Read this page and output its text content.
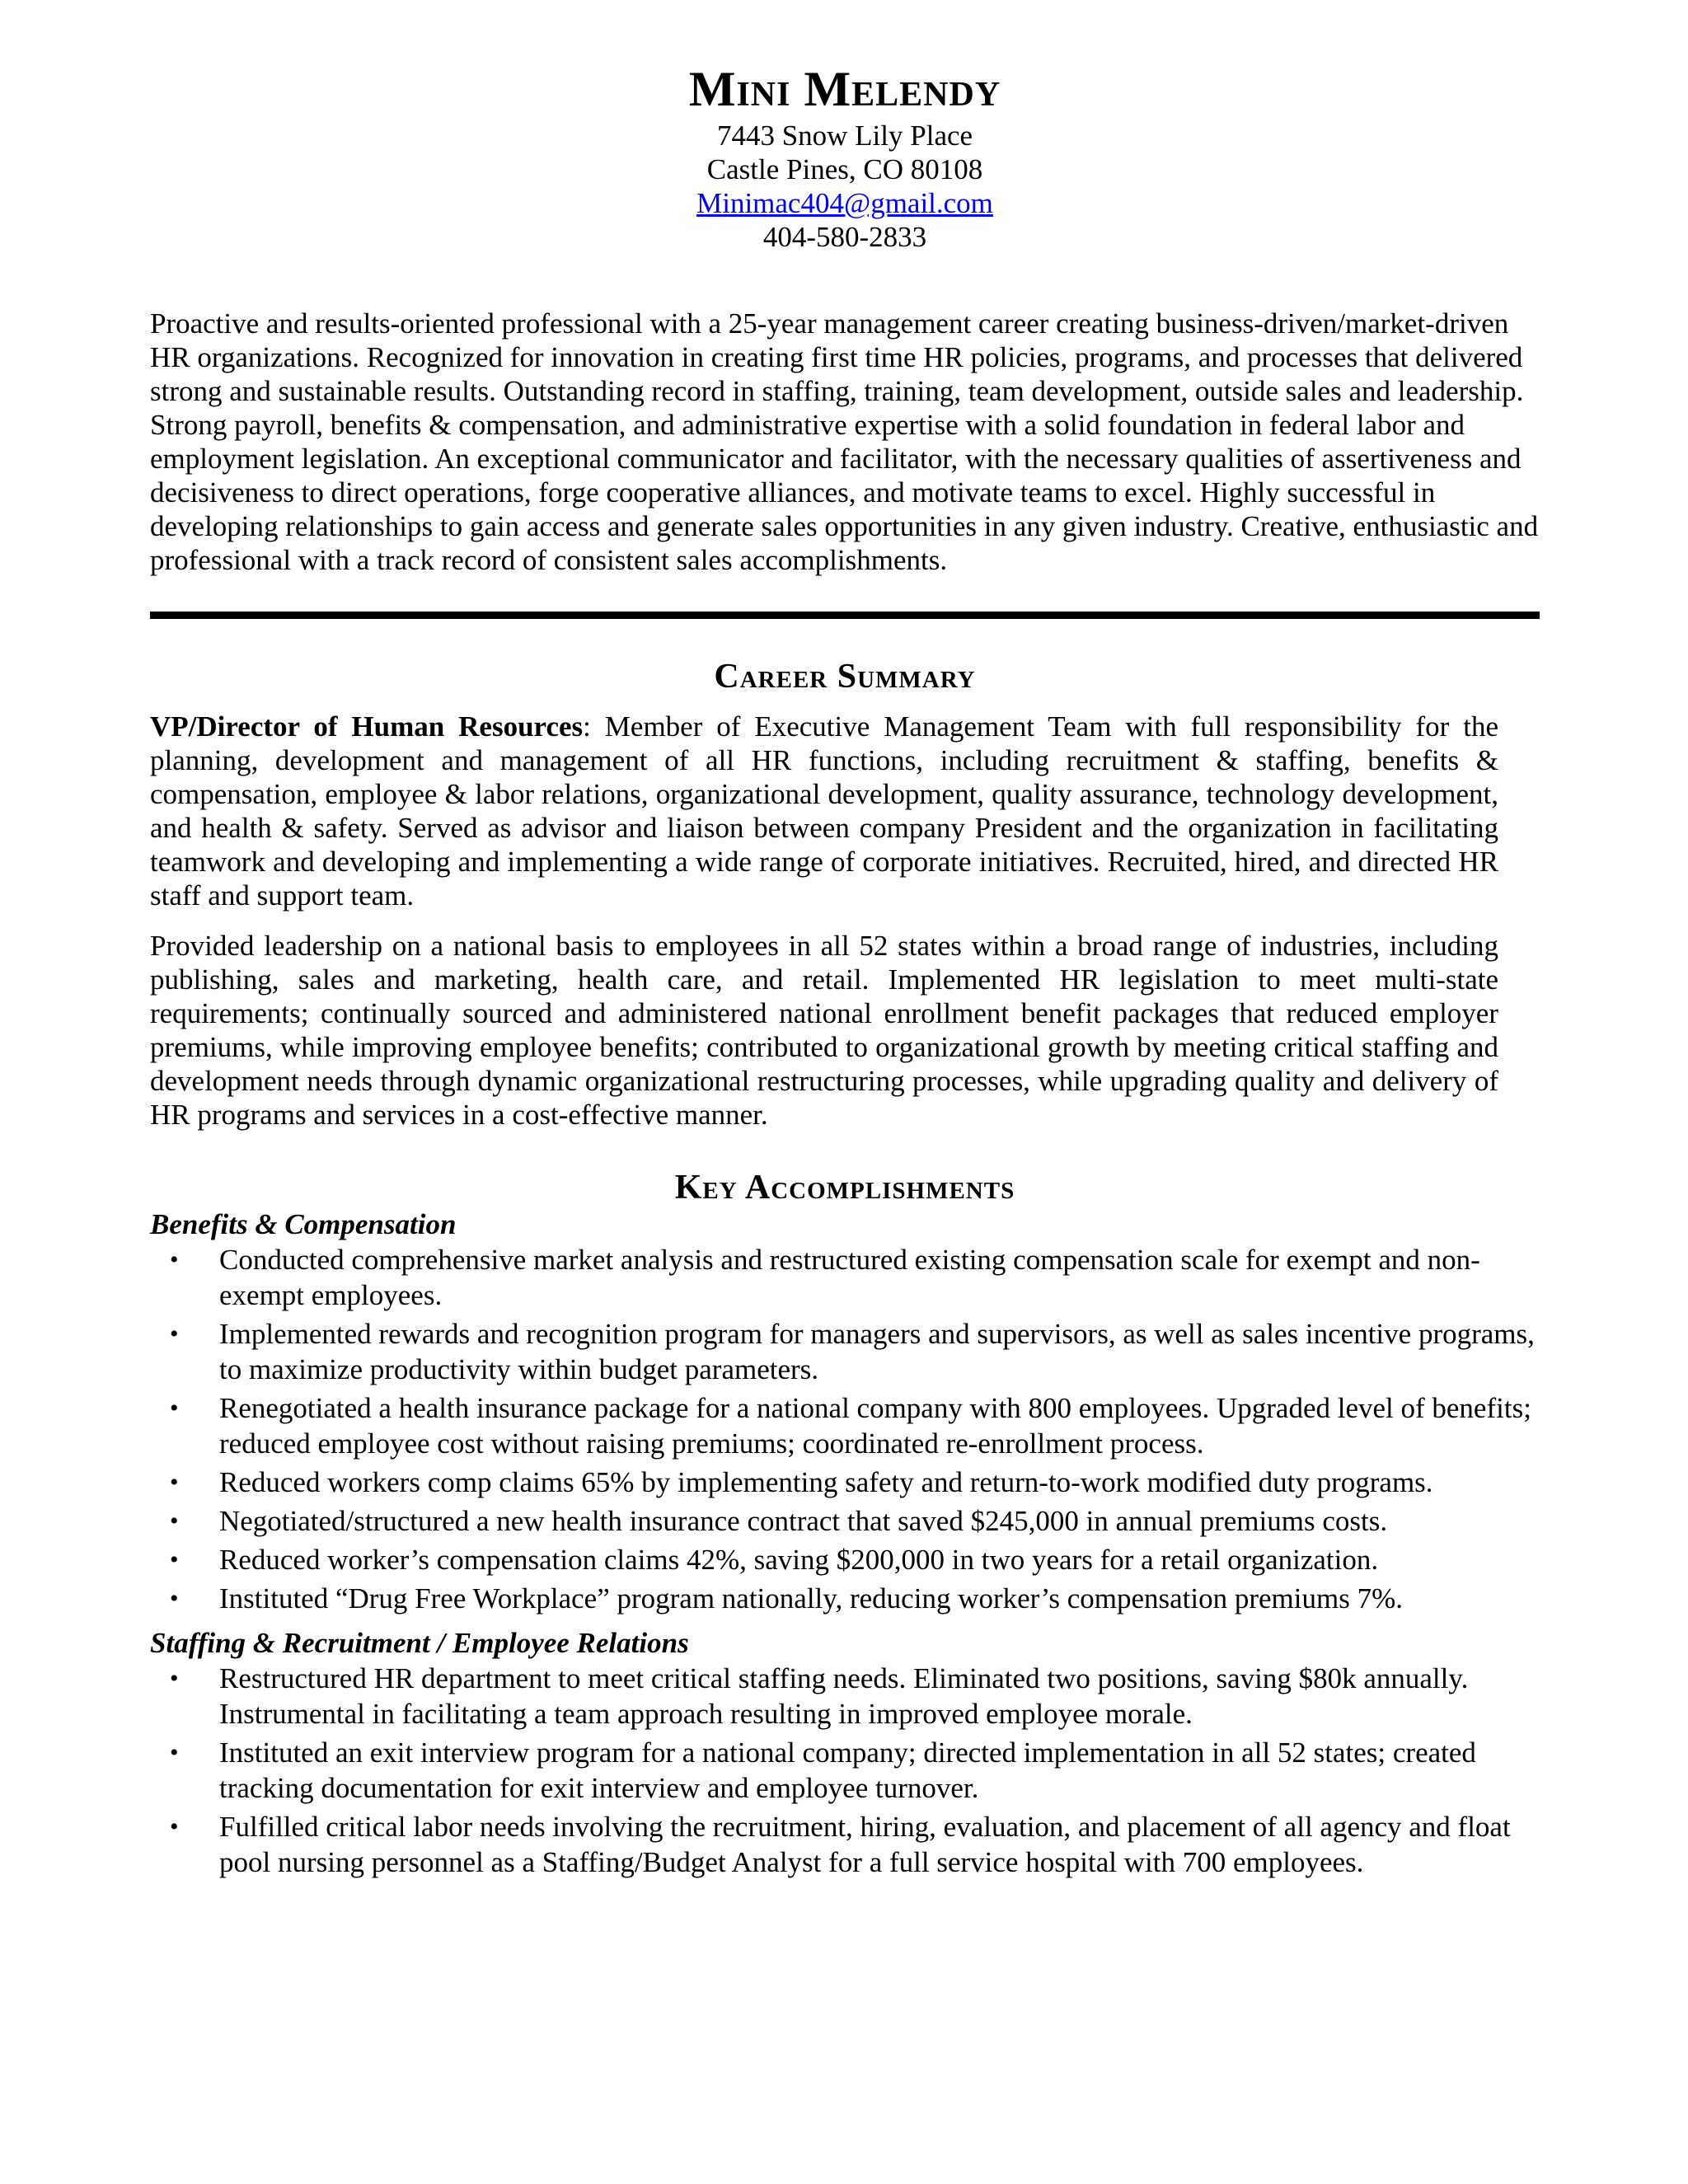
Mini Melendy
7443 Snow Lily Place
Castle Pines, CO 80108
Minimac404@gmail.com
404-580-2833
Proactive and results-oriented professional with a 25-year management career creating business-driven/market-driven HR organizations. Recognized for innovation in creating first time HR policies, programs, and processes that delivered strong and sustainable results. Outstanding record in staffing, training, team development, outside sales and leadership. Strong payroll, benefits & compensation, and administrative expertise with a solid foundation in federal labor and employment legislation. An exceptional communicator and facilitator, with the necessary qualities of assertiveness and decisiveness to direct operations, forge cooperative alliances, and motivate teams to excel. Highly successful in developing relationships to gain access and generate sales opportunities in any given industry. Creative, enthusiastic and professional with a track record of consistent sales accomplishments.
Career Summary
VP/Director of Human Resources: Member of Executive Management Team with full responsibility for the planning, development and management of all HR functions, including recruitment & staffing, benefits & compensation, employee & labor relations, organizational development, quality assurance, technology development, and health & safety. Served as advisor and liaison between company President and the organization in facilitating teamwork and developing and implementing a wide range of corporate initiatives. Recruited, hired, and directed HR staff and support team.
Provided leadership on a national basis to employees in all 52 states within a broad range of industries, including publishing, sales and marketing, health care, and retail. Implemented HR legislation to meet multi-state requirements; continually sourced and administered national enrollment benefit packages that reduced employer premiums, while improving employee benefits; contributed to organizational growth by meeting critical staffing and development needs through dynamic organizational restructuring processes, while upgrading quality and delivery of HR programs and services in a cost-effective manner.
Key Accomplishments
Benefits & Compensation
• Conducted comprehensive market analysis and restructured existing compensation scale for exempt and non-exempt employees.
• Implemented rewards and recognition program for managers and supervisors, as well as sales incentive programs, to maximize productivity within budget parameters.
• Renegotiated a health insurance package for a national company with 800 employees. Upgraded level of benefits; reduced employee cost without raising premiums; coordinated re-enrollment process.
• Reduced workers comp claims 65% by implementing safety and return-to-work modified duty programs.
• Negotiated/structured a new health insurance contract that saved $245,000 in annual premiums costs.
• Reduced worker’s compensation claims 42%, saving $200,000 in two years for a retail organization.
• Instituted “Drug Free Workplace” program nationally, reducing worker’s compensation premiums 7%.
Staffing & Recruitment / Employee Relations
• Restructured HR department to meet critical staffing needs. Eliminated two positions, saving $80k annually. Instrumental in facilitating a team approach resulting in improved employee morale.
• Instituted an exit interview program for a national company; directed implementation in all 52 states; created tracking documentation for exit interview and employee turnover.
• Fulfilled critical labor needs involving the recruitment, hiring, evaluation, and placement of all agency and float pool nursing personnel as a Staffing/Budget Analyst for a full service hospital with 700 employees.
